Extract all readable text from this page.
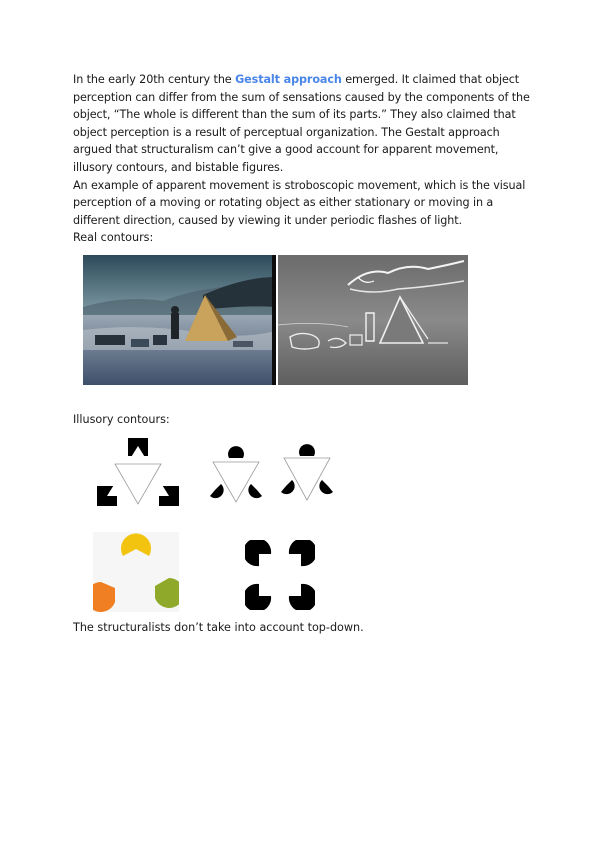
In the early 20th century the Gestalt approach emerged. It claimed that object perception can differ from the sum of sensations caused by the components of the object, “The whole is different than the sum of its parts.” They also claimed that object perception is a result of perceptual organization. The Gestalt approach argued that structuralism can’t give a good account for apparent movement, illusory contours, and bistable figures.
An example of apparent movement is stroboscopic movement, which is the visual perception of a moving or rotating object as either stationary or moving in a different direction, caused by viewing it under periodic flashes of light.
Real contours:
Illusory contours:
The structuralists don’t take into account top-down.
